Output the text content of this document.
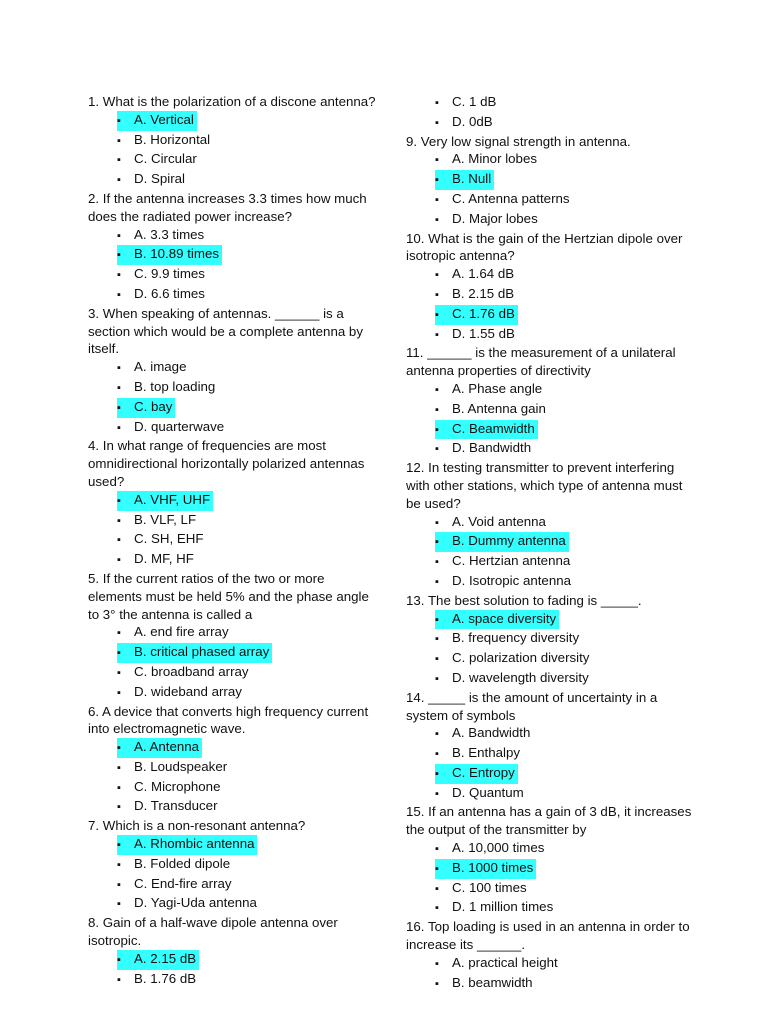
1. What is the polarization of a discone antenna?
▪ A. Vertical
▪ B. Horizontal
▪ C. Circular
▪ D. Spiral
2. If the antenna increases 3.3 times how much
does the radiated power increase?
▪ A. 3.3 times
▪ B. 10.89 times
▪ C. 9.9 times
▪ D. 6.6 times
3. When speaking of antennas. ______ is a
section which would be a complete antenna by
itself.
▪ A. image
▪ B. top loading
▪ C. bay
▪ D. quarterwave
4. In what range of frequencies are most
omnidirectional horizontally polarized antennas
used?
▪ A. VHF, UHF
▪ B. VLF, LF
▪ C. SH, EHF
▪ D. MF, HF
5. If the current ratios of the two or more
elements must be held 5% and the phase angle
to 3° the antenna is called a
▪ A. end fire array
▪ B. critical phased array
▪ C. broadband array
▪ D. wideband array
6. A device that converts high frequency current
into electromagnetic wave.
▪ A. Antenna
▪ B. Loudspeaker
▪ C. Microphone
▪ D. Transducer
7. Which is a non-resonant antenna?
▪ A. Rhombic antenna
▪ B. Folded dipole
▪ C. End-fire array
▪ D. Yagi-Uda antenna
8. Gain of a half-wave dipole antenna over
isotropic.
▪ A. 2.15 dB
▪ B. 1.76 dB
▪ C. 1 dB
▪ D. 0dB
9. Very low signal strength in antenna.
▪ A. Minor lobes
▪ B. Null
▪ C. Antenna patterns
▪ D. Major lobes
10. What is the gain of the Hertzian dipole over
isotropic antenna?
▪ A. 1.64 dB
▪ B. 2.15 dB
▪ C. 1.76 dB
▪ D. 1.55 dB
11. ______ is the measurement of a unilateral
antenna properties of directivity
▪ A. Phase angle
▪ B. Antenna gain
▪ C. Beamwidth
▪ D. Bandwidth
12. In testing transmitter to prevent interfering
with other stations, which type of antenna must
be used?
▪ A. Void antenna
▪ B. Dummy antenna
▪ C. Hertzian antenna
▪ D. Isotropic antenna
13. The best solution to fading is _____.
▪ A. space diversity
▪ B. frequency diversity
▪ C. polarization diversity
▪ D. wavelength diversity
14. _____ is the amount of uncertainty in a
system of symbols
▪ A. Bandwidth
▪ B. Enthalpy
▪ C. Entropy
▪ D. Quantum
15. If an antenna has a gain of 3 dB, it increases
the output of the transmitter by
▪ A. 10,000 times
▪ B. 1000 times
▪ C. 100 times
▪ D. 1 million times
16. Top loading is used in an antenna in order to
increase its ______.
▪ A. practical height
▪ B. beamwidth
